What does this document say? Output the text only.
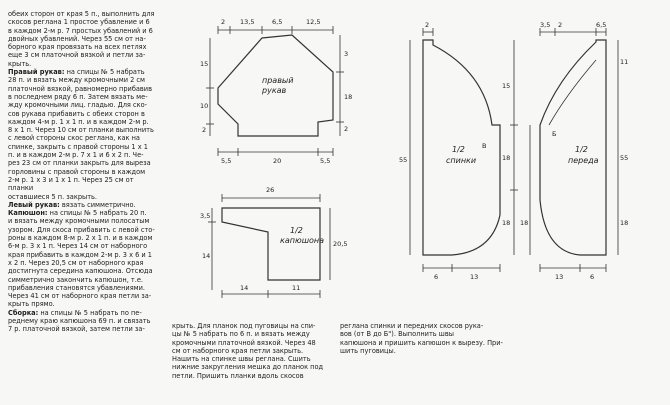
обеих сторон от края 5 п., выполнить для
скосов реглана 1 простое убавление и 6
в каждом 2-м р. 7 простых убавлений и 6
двойных убавлений. Через 55 см от на-
борного края провязать на всех петлях
еще 3 см платочной вязкой и петли за-
крыть.

Правый рукав: на спицы № 5 набрать
28 п. и вязать между кромочными 2 см
платочной вязкой, равномерно прибавив
в последнем ряду 6 п. Затем вязать ме-
жду кромочными лиц. гладью. Для ско-
сов рукава прибавить с обеих сторон в
каждом 4-м р. 1 х 1 п. и в каждом 2-м р.
8 х 1 п. Через 10 см от планки выполнить
с левой стороны скос реглана, как на
спинке, закрыть с правой стороны 1 х 1
п. и в каждом 2-м р. 7 х 1 и 6 х 2 п. Че-
рез 23 см от планки закрыть для выреза
горловины с правой стороны в каждом
2-м р. 1 х 3 и 1 х 1 п. Через 25 см от планки
оставшиеся 5 п. закрыть.

Левый рукав: вязать симметрично.

Капюшон: на спицы № 5 набрать 20 п.
и вязать между кромочными полосатым
узором. Для скоса прибавить с левой сто-
роны в каждом 8-м р. 2 х 1 п. и в каждом
6-м р. 3 х 1 п. Через 14 см от наборного
края прибавить в каждом 2-м р. 3 х 6 и 1
х 2 п. Через 20,5 см от наборного края
достигнута середина капюшона. Отсюда
симметрично закончить капюшон, т.е.
прибавления становятся убавлениями.
Через 41 см от наборного края петли за-
крыть прямо.

Сборка: на спицы № 5 набрать по пе-
реднему краю капюшона 69 п. и связать
7 р. платочной вязкой, затем петли за-	крыть. Для планок под пуговицы на спи-
цы № 5 набрать по 6 п. и вязать между
кромочными платочной вязкой. Через 48
см от наборного края петли закрыть.
Нашить на спинке швы реглана. Сшить
нижние закругления мешка до планок под
петли. Пришить планки вдоль скосов
реглана спинки и передних скосов рука-
вов (от В до Б"). Выполнить швы
капюшона и пришить капюшон к вырезу. При-
шить пуговицы.
правый
рукав
2 13,5	6,5	12,5
15
10
2
3
18
2
5,5	20	5,5
1/2
капюшона
26
3,5
14
20,5
14	11
1/2
спинки
В
2
15
18
18
55
6	13
1/2
переда
Б
3,5 2	6,5
11
55
18
18
13	6
